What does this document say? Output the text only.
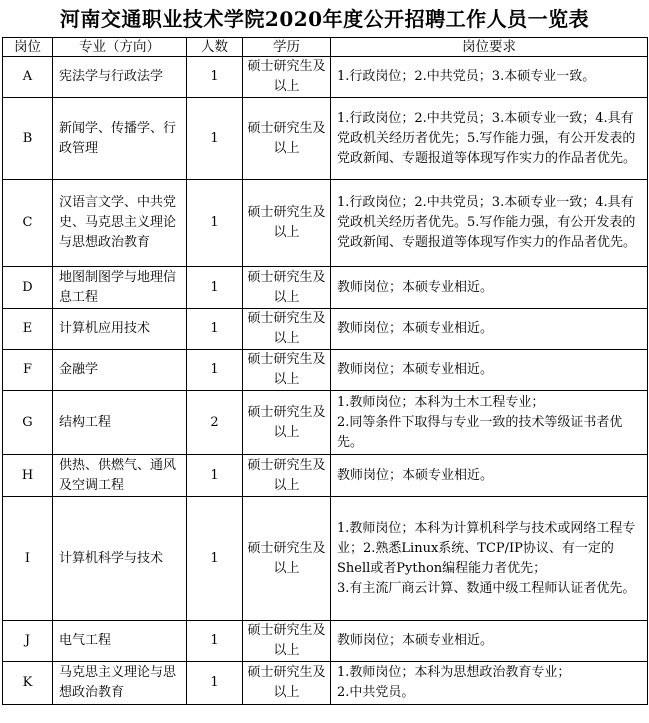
河南交通职业技术学院2020年度公开招聘工作人员一览表
岗位	专业（方向）	人数	学历	岗位要求
A	宪法学与行政法学	1	硕士研究生及以上	1.行政岗位；2.中共党员；3.本硕专业一致。

B	新闻学、传播学、行政管理	1	硕士研究生及以上	1.行政岗位；2.中共党员；3.本硕专业一致；4.具有党政机关经历者优先；5.写作能力强，有公开发表的党政新闻、专题报道等体现写作实力的作品者优先。

C	汉语言文学、中共党史、马克思主义理论与思想政治教育	1	硕士研究生及以上	1.行政岗位；2.中共党员；3.本硕专业一致；4.具有党政机关经历者优先。5.写作能力强，有公开发表的党政新闻、专题报道等体现写作实力的作品者优先。

D	地图制图学与地理信息工程	1	硕士研究生及以上	教师岗位；本硕专业相近。

E	计算机应用技术	1	硕士研究生及以上	教师岗位；本硕专业相近。

F	金融学	1	硕士研究生及以上	教师岗位；本硕专业相近。

G	结构工程	2	硕士研究生及以上	1.教师岗位；本科为土木工程专业；
2.同等条件下取得与专业一致的技术等级证书者优先。

H	供热、供燃气、通风及空调工程	1	硕士研究生及以上	教师岗位；本硕专业相近。

I	计算机科学与技术	1	硕士研究生及以上	1.教师岗位；本科为计算机科学与技术或网络工程专业；2.熟悉Linux系统、TCP/IP协议、有一定的Shell或者Python编程能力者优先；
3.有主流厂商云计算、数通中级工程师认证者优先。

J	电气工程	1	硕士研究生及以上	教师岗位；本硕专业相近。

K	马克思主义理论与思想政治教育	1	硕士研究生及以上	1.教师岗位；本科为思想政治教育专业；
2.中共党员。
